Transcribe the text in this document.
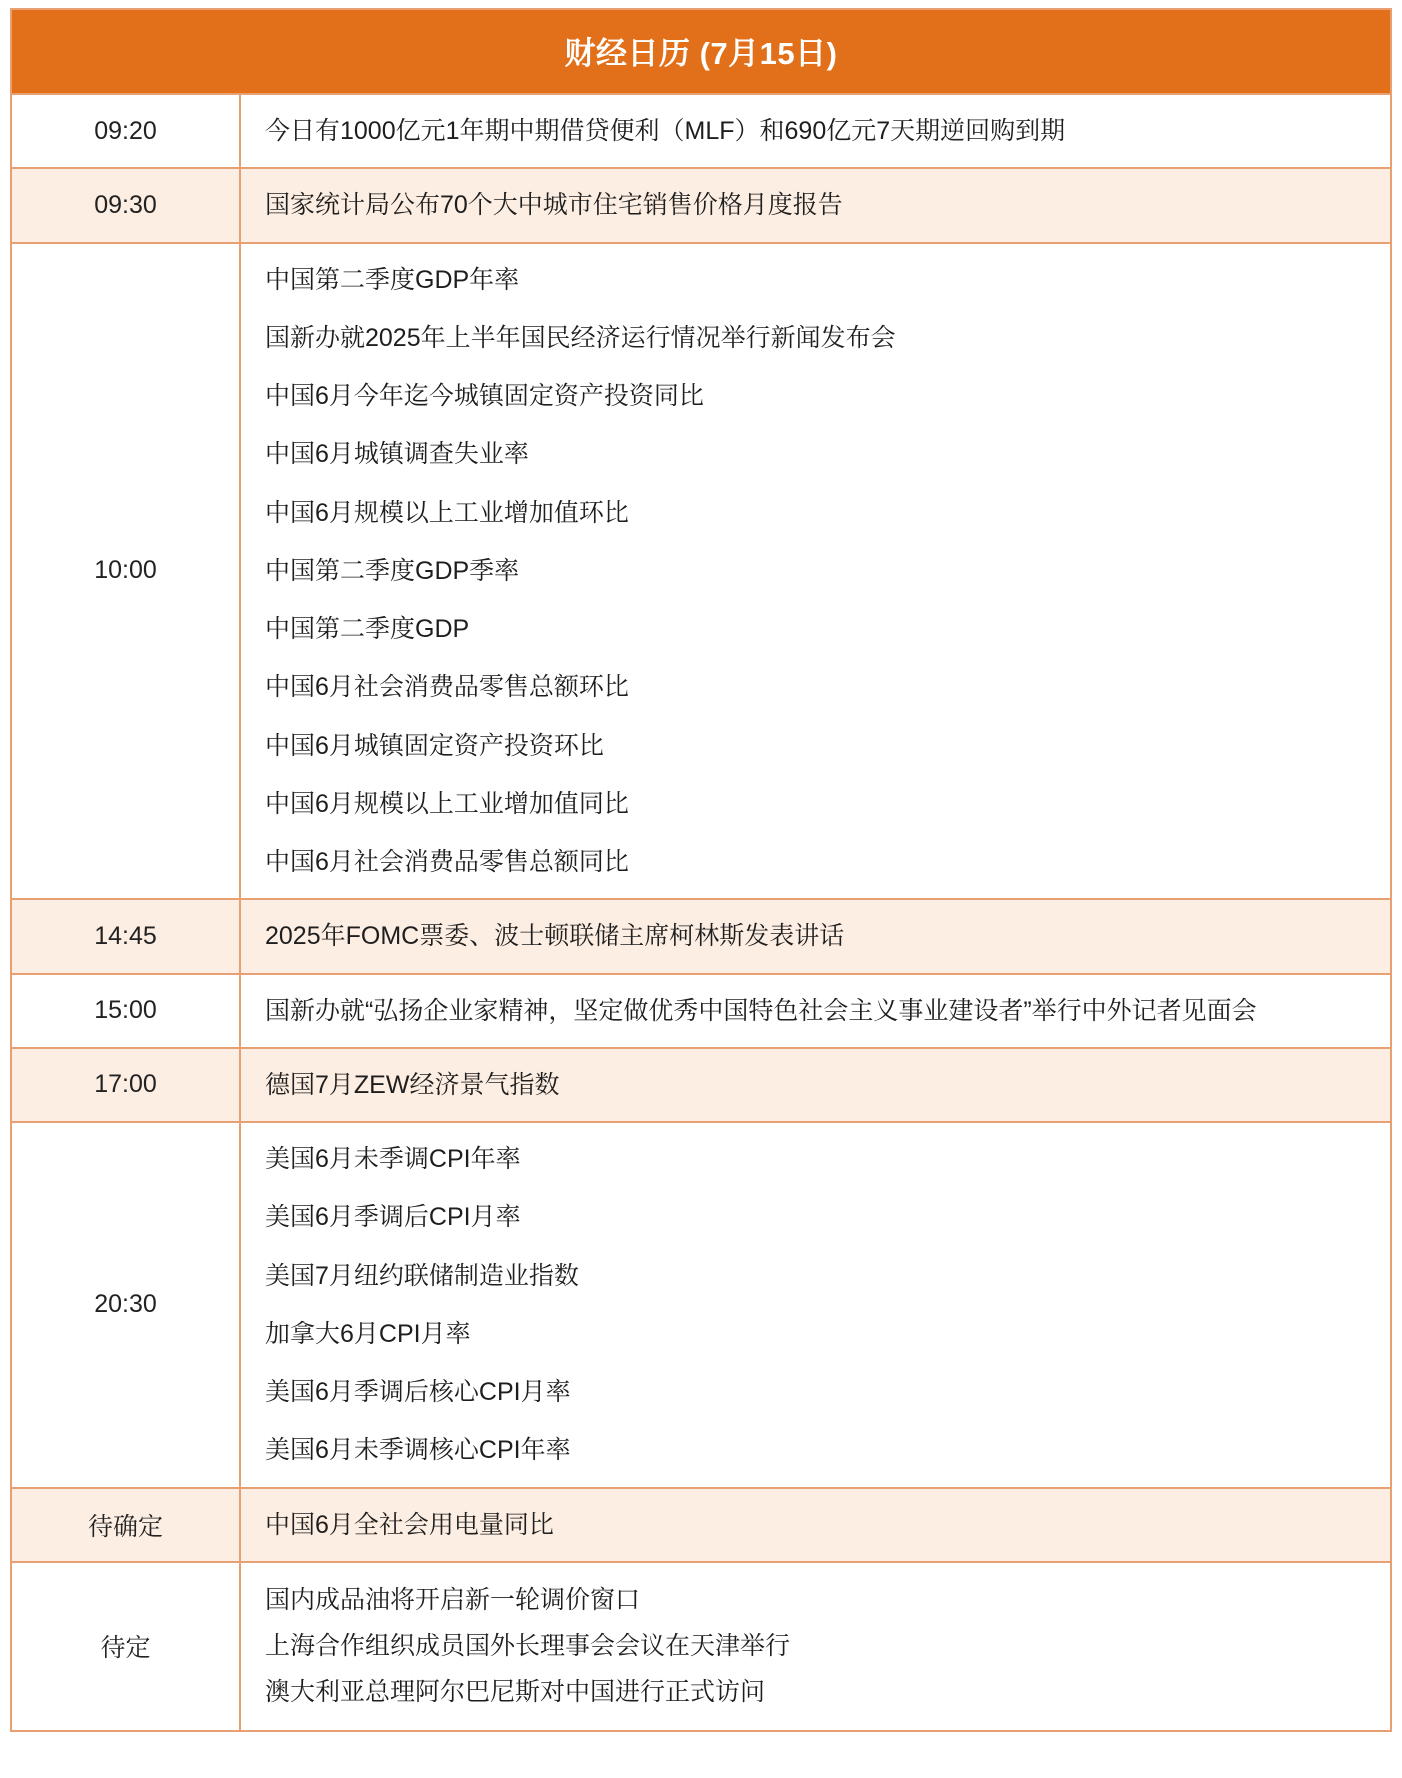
财经日历 (7月15日)
09:20	今日有1000亿元1年期中期借贷便利（MLF）和690亿元7天期逆回购到期

09:30	国家统计局公布70个大中城市住宅销售价格月度报告

10:00	
中国第二季度GDP年率
国新办就2025年上半年国民经济运行情况举行新闻发布会
中国6月今年迄今城镇固定资产投资同比
中国6月城镇调查失业率
中国6月规模以上工业增加值环比
中国第二季度GDP季率
中国第二季度GDP
中国6月社会消费品零售总额环比
中国6月城镇固定资产投资环比
中国6月规模以上工业增加值同比
中国6月社会消费品零售总额同比

14:45	2025年FOMC票委、波士顿联储主席柯林斯发表讲话

15:00	国新办就“弘扬企业家精神，坚定做优秀中国特色社会主义事业建设者”举行中外记者见面会

17:00	德国7月ZEW经济景气指数

20:30	
美国6月未季调CPI年率
美国6月季调后CPI月率
美国7月纽约联储制造业指数
加拿大6月CPI月率
美国6月季调后核心CPI月率
美国6月未季调核心CPI年率

待确定	中国6月全社会用电量同比

待定	国内成品油将开启新一轮调价窗口
上海合作组织成员国外长理事会会议在天津举行
澳大利亚总理阿尔巴尼斯对中国进行正式访问
